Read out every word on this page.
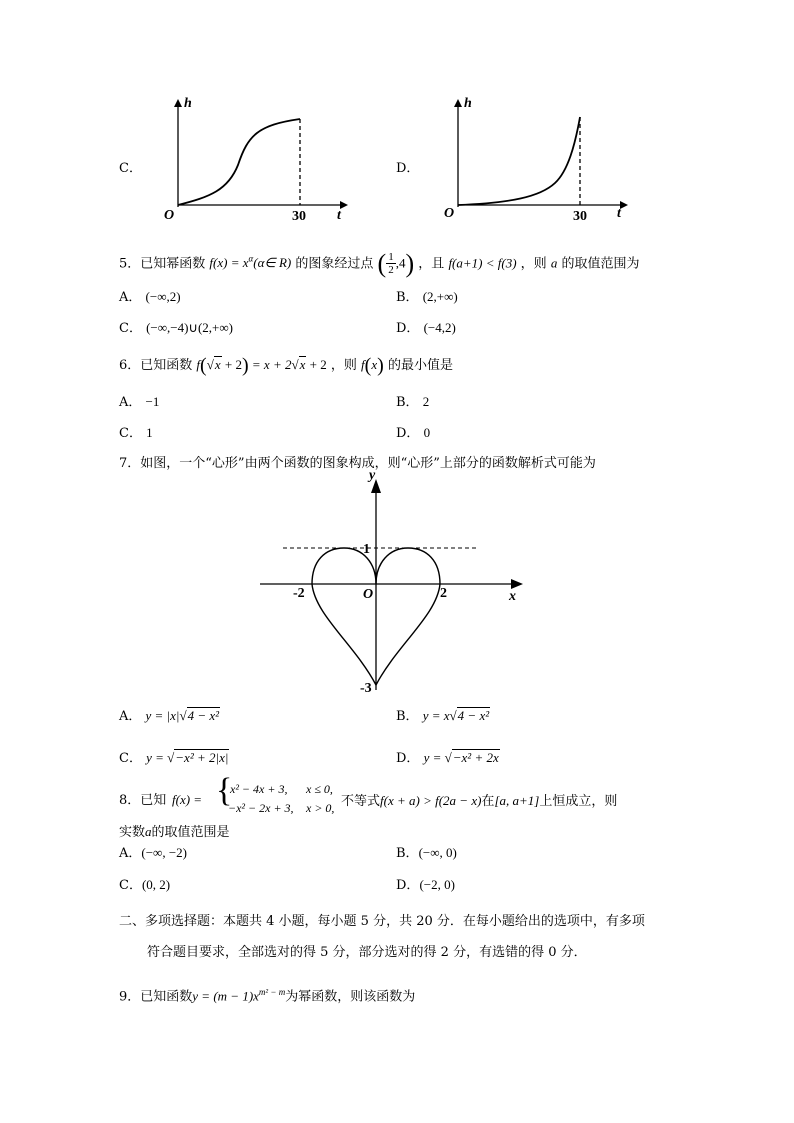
C．
h
O	30 t
D．
h
O	30 t
5．已知幂函数 $f(x) = x^\alpha(\alpha\in$ R) 的图象经过点 ( $\frac{1}{2} ,4$) ，且 f(a+1) < f(3) ，则 a 的取值范围为
A． (−∞,2)	B． (2,+∞)
C． (−∞,−4)∪(2,+∞)	D． (−4,2)
6．已知函数 f(√x + 2) = x + 2√x + 2 ，则 f(x) 的最小值是
A． −1	B． 2
C． 1	D． 0
7．如图，一个“心形”由两个函数的图象构成，则“心形”上部分的函数解析式可能为
y
x
O
1
-2	2
-3
A． y = |x|√4 − x²	B． y = x√4 − x²
C． y = √−x² + 2|x|	D． y = √−x² + 2x
8．已知 f(x) = {
x² − 4x + 3, x ≤ 0,
−x² − 2x + 3, x > 0, 不等式f(x + a) > f(2a − x)在[a, a+1]上恒成立，则
实数a的取值范围是
A．(−∞, −2)	B．(−∞, 0)
C．(0, 2)	D．(−2, 0)
二、多项选择题：本题共 4 小题，每小题 5 分，共 20 分．在每小题给出的选项中，有多项
符合题目要求，全部选对的得 5 分，部分选对的得 2 分，有选错的得 0 分．
9．已知函数$y = (m - 1)x^{m^2 - m}$为幂函数，则该函数为
